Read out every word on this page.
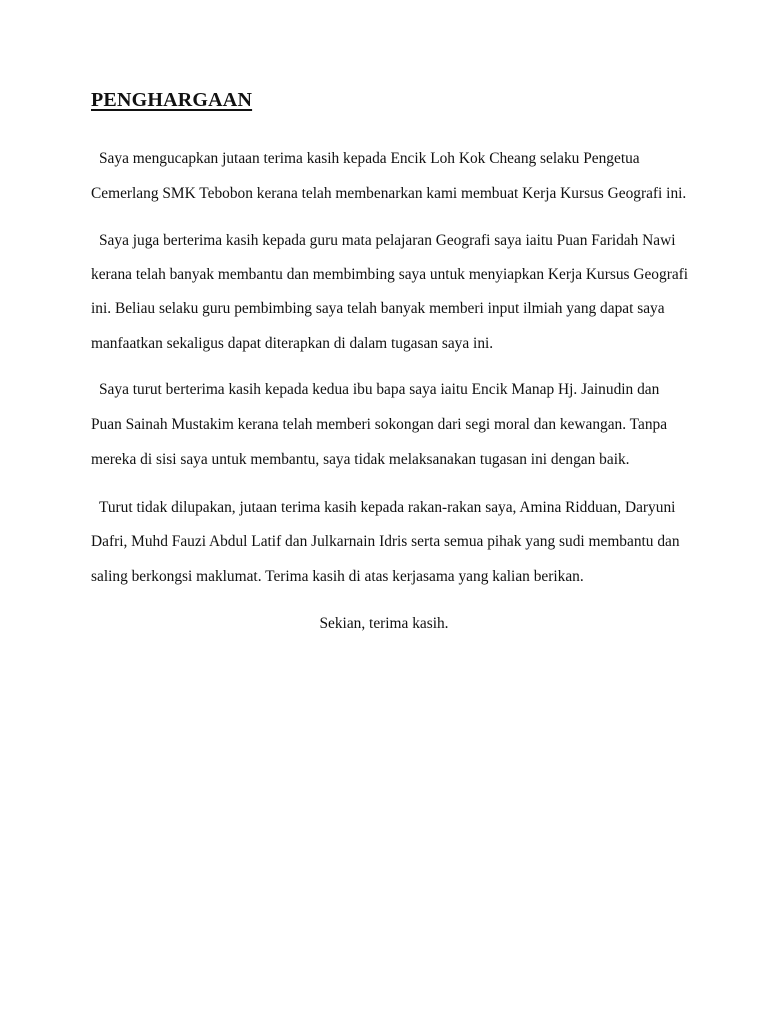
PENGHARGAAN
Saya mengucapkan jutaan terima kasih kepada Encik Loh Kok Cheang selaku Pengetua
Cemerlang SMK Tebobon kerana telah membenarkan kami membuat Kerja Kursus Geografi ini.
Saya juga berterima kasih kepada guru mata pelajaran Geografi saya iaitu Puan Faridah Nawi
kerana telah banyak membantu dan membimbing saya untuk menyiapkan Kerja Kursus Geografi
ini. Beliau selaku guru pembimbing saya telah banyak memberi input ilmiah yang dapat saya
manfaatkan sekaligus dapat diterapkan di dalam tugasan saya ini.
Saya turut berterima kasih kepada kedua ibu bapa saya iaitu Encik Manap Hj. Jainudin dan
Puan Sainah Mustakim kerana telah memberi sokongan dari segi moral dan kewangan. Tanpa
mereka di sisi saya untuk membantu, saya tidak melaksanakan tugasan ini dengan baik.
Turut tidak dilupakan, jutaan terima kasih kepada rakan-rakan saya, Amina Ridduan, Daryuni
Dafri, Muhd Fauzi Abdul Latif dan Julkarnain Idris serta semua pihak yang sudi membantu dan
saling berkongsi maklumat. Terima kasih di atas kerjasama yang kalian berikan.
Sekian, terima kasih.
